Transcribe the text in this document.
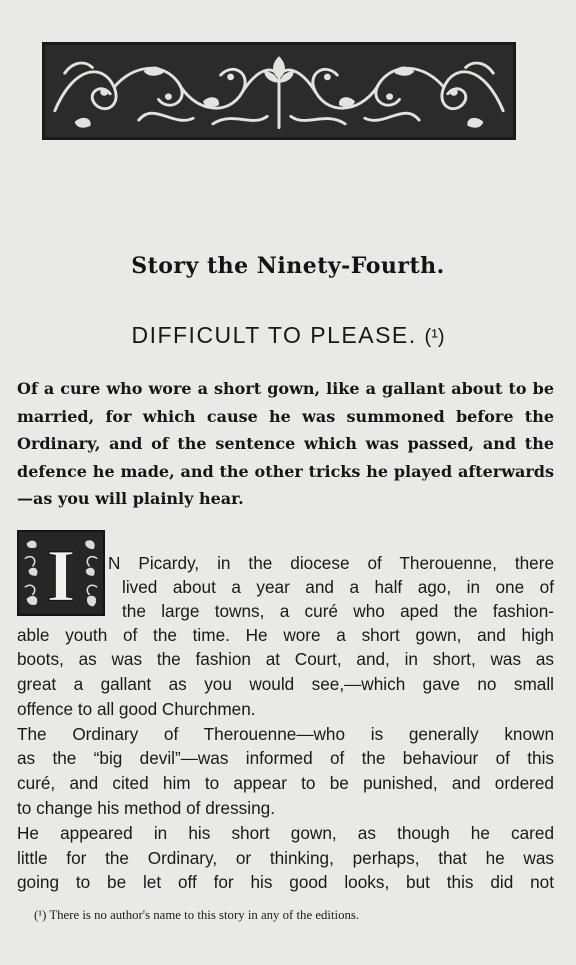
Story the Ninety-Fourth.
DIFFICULT TO PLEASE. (¹)
Of a cure who wore a short gown, like a gallant about to be married, for which cause he was summoned before the Ordinary, and of the sentence which was passed, and the defence he made, and the other tricks he played afterwards—as you will plainly hear.
I N Picardy, in the diocese of Therouenne, there
lived about a year and a half ago, in one of
the large towns, a curé who aped the fashion-
able youth of the time. He wore a short gown, and high
boots, as was the fashion at Court, and, in short, was as
great a gallant as you would see,—which gave no small
offence to all good Churchmen.
The Ordinary of Therouenne—who is generally known
as the “big devil”—was informed of the behaviour of this
curé, and cited him to appear to be punished, and ordered
to change his method of dressing.
He appeared in his short gown, as though he cared
little for the Ordinary, or thinking, perhaps, that he was
going to be let off for his good looks, but this did not
(¹) There is no author's name to this story in any of the editions.
